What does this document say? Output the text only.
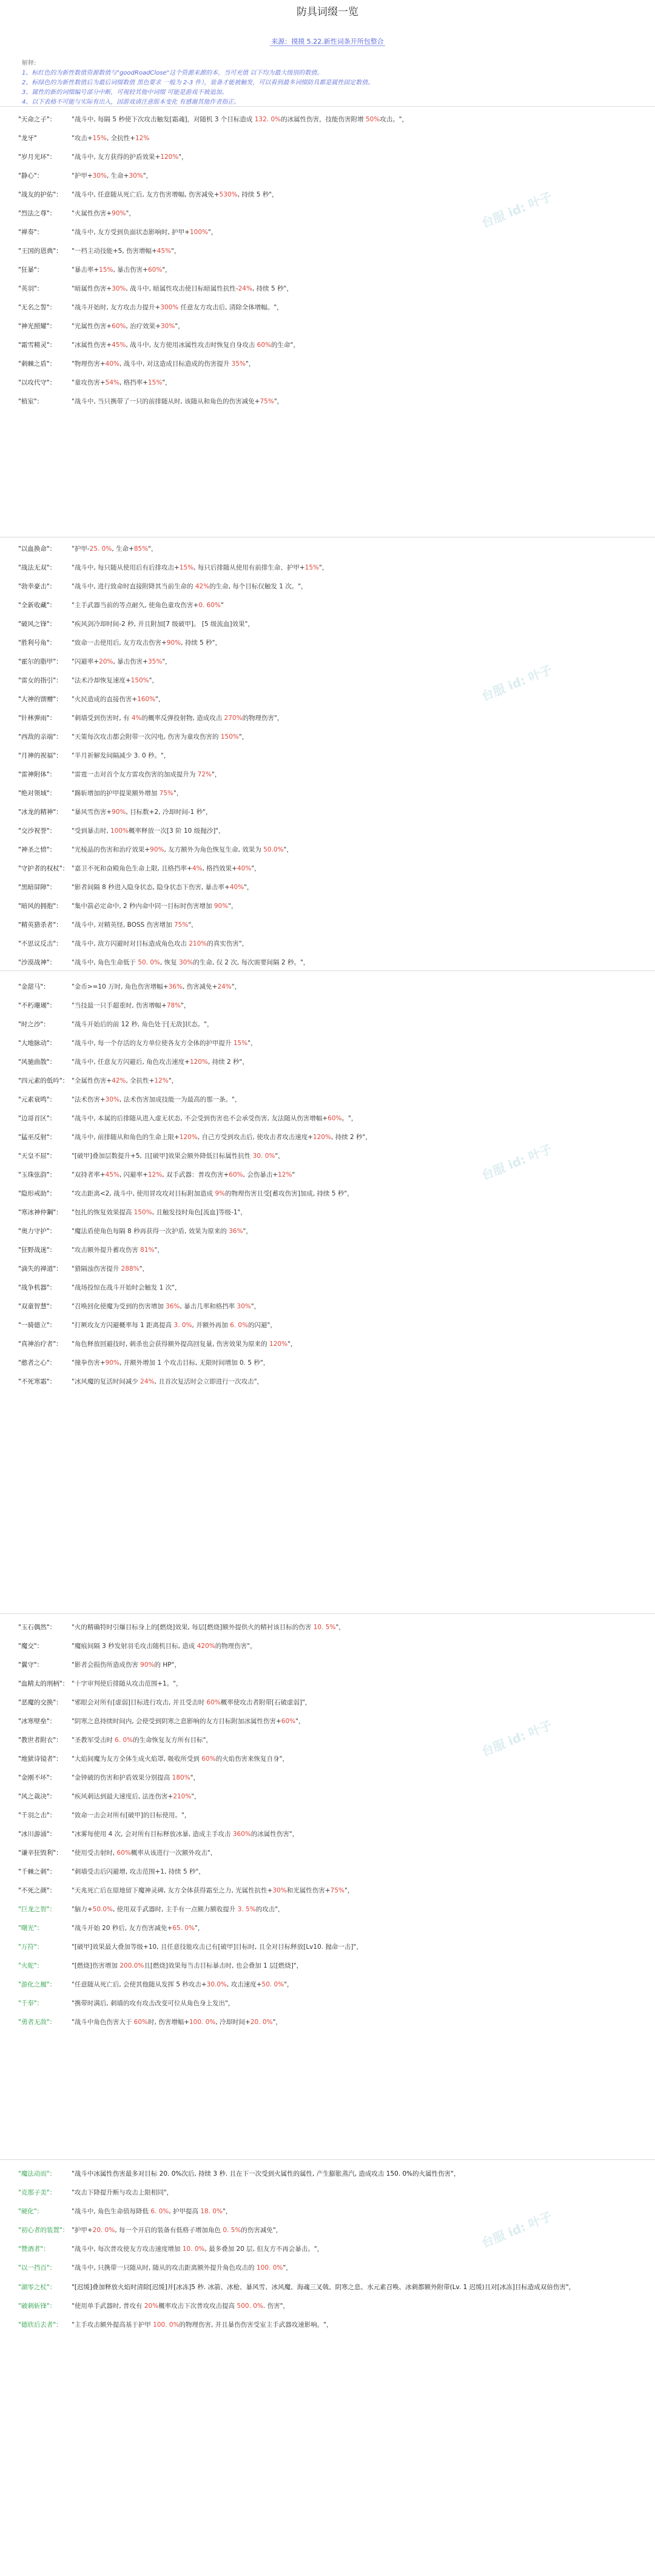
防具词缀一览
来源：摸摸 5.22.新性词条开所包整合
解释:
1、标红色的为新性数值资源数值与"goodRoadClose"这个资源来源的本，当可充值 以下均为最大级别的数值。
2、标绿色的为新性数值后为最后词缀数值 黑色要求 一般为 2-3 件），装备才能被触发，可以看到最多词缀防具都是属性固定数值。
3、属性的新的词缀编号部分中断，可视较其他中词缀 可能是游戏不被追加。
4、以下表格不可能与实际有出入，因游戏请注意版本变化 有感谢其他作者指正。
"天命之子"： "战斗中, 每隔 5 秒使下次攻击触发[霜魂]，对随机 3 个目标造成 132. 0%的冰属性伤害，技能伤害附增 50%攻击。"，
"龙牙"	"攻击+15%, 全抗性+12%
"岁月光环"： "战斗中, 友方获得的护盾效果+120%"，
"静心"：	"护甲+30%, 生命+30%"，
"战友的护佑"： "战斗中, 任意随从死亡后, 友方伤害增幅, 伤害减免+530%, 持续 5 秒"，
"烈法之尊"： "火属性伤害+90%"，
"禅奏"：	"战斗中, 友方受到负面状态影响时, 护甲+100%"，
"王国的恩典"： "一档主动技能+5, 伤害增幅+45%"，
"狂暴"：	"暴击率+15%, 暴击伤害+60%"，
"英羽"：	"暗属性伤害+30%, 战斗中, 暗属性攻击使目标暗属性抗性-24%, 持续 5 秒"，
"无名之誓"： "战斗开始时, 友方攻击力提升+300% 任意友方攻击后, 清除全体增幅。"，
"神光照耀"： "光属性伤害+60%, 治疗效果+30%"，
"霜雪精灵"： "冰属性伤害+45%, 战斗中, 友方使用冰属性攻击时恢复自身攻击 60%的生命"，
"刺棘之盾"： "物理伤害+40%, 战斗中, 对这造成目标造成的伤害提升 35%"，
"以攻代守"： "童攻伤害+54%, 格挡率+15%"，
"植室"：	"战斗中, 当只携带了一只的前排随从时, 该随从和角色的伤害减免+75%"，
"以血换命"： "护甲-25. 0%, 生命+85%"，
"战法无双"： "战斗中, 每只随从使用后有后排攻击+15%, 每只后排随从使用有前排生命、护甲+15%"，
"勃幸豪击"： "战斗中, 进行致命时直接附降其当前生命的 42%的生命, 每个目标仅触发 1 次。"，
"全新收藏"： "主手武器当前的等点耐久, 使角色童攻伤害+0. 60%"
"破风之锋"： "疾风剑冷却时间-2 秒, 并且附加[7 级破甲]。 [5 级流血]效果"，
"胜利号角"： "致命一击使用后, 友方攻击伤害+90%, 持续 5 秒"，
"霍尔的脂甲"： "闪避率+20%, 暴击伤害+35%"，
"雷女的指引"： "法术冷却恢复速度+150%"，
"大神的馈赠"： "火民造成的直接伤害+160%"，
"针林弹雨"： "刺墙受到伤害时, 有 4%的概率反弹投射物, 造成攻击 270%的物理伤害"，
"西敌的亲端"： "天策每次攻击都会附带一次闪电, 伤害为童攻伤害的 150%"，
"月神的祝福"： "半月祈解发间隔减少 3. 0 秒。"，
"雷神附体"： "雷霆一击对首个友方雷攻伤害的加成提升为 72%"，
"绝对领域"： "踢斩增加的护甲提果额外增加 75%"，
"冰龙的精神"： "暴风雪伤害+90%, 目标数+2, 冷却时间-1 秒"，
"交沙祝誉"： "受到暴击时, 100%概率释放一次[3 阶 10 级抛沙]"，
"神圣之愤"： "光棱晶的伤害和治疗效果+90%, 友方额外为角色恢复生命, 效果为 50.0%"，
"守护者的权杖"： "嘉卫不死和奋殿角色生命上限, 且格挡率+4%, 格挡效果+40%"，
"黑暗屏障"： "影者间隔 8 秒进入隐身状态, 隐身状态下伤害, 暴击率+40%"，
"暗风的拥抱"： "集中箭必定命中, 2 秒内命中同一目标时伤害增加 90%"，
"精英猎杀者"： "战斗中, 对精英怪, BOSS 伤害增加 75%"，
"不思议反击"： "战斗中, 敌方闪避时对目标造成角色攻击 210%的真实伤害"，
"沙漠战神"： "战斗中, 角色生命低于 50. 0%, 恢复 30%的生命, 仅 2 次, 每次需要间隔 2 秒。"，
"金甜马"：	"金币>=10 万时, 角色伤害增幅+36%, 伤害减免+24%"，
"不朽珊瑚"： "当技最一只手超重时, 伤害增幅+78%"，
"时之沙"：	"战斗开始后的前 12 秒, 角色处于[无敌]状态。"，
"大地脉动"： "战斗中, 每一个存活的友方单位使各友方全体的护甲提升 15%"，
"风驰曲散"： "战斗中, 任意友方闪避后, 角色攻击速度+120%, 持续 2 秒"，
"四元素的低吟"： "全属性伤害+42%, 全抗性+12%"，
"元素衰鸣"： "法术伤害+30%, 法术伤害加成技能一为最高的那一条。"，
"边哥首区"： "战斗中, 本属的后排随从进入虚无状态, 不会受到伤害也不会承受伤害, 友法随从伤害增幅+60%。"，
"猛巫反射"： "战斗中, 前排随从和角色的生命上限+120%, 自己方受到攻击后, 使攻击者攻击速度+120%, 持续 2 秒"，
"天皇不屈"： "[破甲]叠加层数提升+5, 且[破甲]效果会额外降低目标属性抗性 30. 0%"，
"玉珠弦韵"： "双持者率+45%, 闪避率+12%, 双手武器：普攻伤害+60%, 会伤暴击+12%"
"隐形戒助"： "攻击距离<2, 战斗中, 使用冒攻攻对目标附加造成 9%的物理伤害且受[蓄攻伤害]加成, 持续 5 秒"，
"寒冰神仲鋼"： "包扎的恢复效果提高 150%, 且触发技时角色[流血]等级-1"，
"奥力守护"： "魔法盾使角色每隔 8 秒再获得一次护盾, 效果为原来的 36%"，
"狂野战迷"： "攻击额外提升蓄攻伤害 81%"，
"滴失的禅道"： "猎隔浊伤害提升 288%"，
"战争机器"： "战场投惊在战斗开始时会触发 1 次"，
"双童智慧"： "召唤回化使魔为受到的伤害增加 36%, 暴击几率和格挡率 30%"，
"一骑德立"： "打厥攻友方闪避概率每 1 距离提高 3. 0%, 并额外再加 6. 0%的闪避"，
"真神治疗者"： "角色释放回避技时, 刺杀也会获得额外提高回复量, 伤害效果为原来的 120%"，
"憨者之心"： "撞拳伤害+90%, 并额外增加 1 个攻击目标, 无限时间增加 0. 5 秒"，
"不死寒霜"： "冰风魔的复活时间减少 24%, 且首次复活时会立即进行一次攻击"，
"玉石偶然"： "火的精确特时引爆目标身上的[燃烧]效果, 每层[燃烧]额外提供火的精衬该目标的伤害 10. 5%"，
"魔交"：	"魔痕间隔 3 秒发射羽毛攻击随机目标, 造成 420%的物理伤害"，
"翼守"：	"影者会损伤所造成伤害 90%的 HP"，
"血精太的刑柄"： "十字审判使后排随从攻击范围+1。"，
"恶魔的交换"： "邪眼会对所有[虚弱]目标进行攻击, 并且受击时 60%概率使攻击者附带[石破虚弱]"，
"冰寒壁垒"： "阴寒之息持续时间内, 会使受到阴寒之息影响的友方目标附加冰属性伤害+60%"，
"教世者附衣"： "圣教军受击时 6. 0%的生命恢复友方所有目标"，
"地狱诗镜者"： "大焰间魔为友方全体生成火焰罩, 吸收所受到 60%的火焰伤害来恢复自身"，
"金刚不坏"： "金钟破的伤害和护盾效果分别提高 180%"，
"风之裁决"： "疾风刺达到最大速度后, 法连伤害+210%"，
"千羽之击"： "致命一击会对所有[破甲]的目标使用。"，
"冰川游涌"： "冰雾每使用 4 次, 会对所有目标释放冰暴, 造成主手攻击 360%的冰属性伤害"，
"谦辛狂毁利"： "使用受击射时, 60%概率从该进行一次额外攻击"，
"千棘之刺"： "刺墙受击后闪避增, 攻击范围+1, 持续 5 秒"，
"不死之颜"： "天兆死亡后在原地留下魔神灵碑, 友方全体获得霜至之力, 光属性抗性+30%和光属性伤害+75%"，
"巨龙之智"： "脑力+50.0%, 使用双手武器时, 主手有一点额力额收提升 3. 5%的攻击"，
"曙光"：	"战斗开始 20 秒后, 友方伤害减免+65. 0%"，
"万符"：	"[破甲]效果最大叠加等级+10, 且任意技能攻击已有[破甲]目标时, 且全对目标释放[Lv10. 抛命一击]"，
"火舵"：	"[燃烧]伤害增加 200.0%且[燃烧]效果每当击目标暴击时, 也会叠加 1 层[燃烧]"，
"游化之履"： "任意随从死亡后, 会使其他随从发挥 5 秒攻击+30.0%, 攻击速度+50. 0%"，
"千奉"：	"携带时满后, 刺墙的攻有攻击改变可位从角色身上发出"，
"勇者无敌"： "战斗中角色伤害大于 60%时, 伤害增幅+100. 0%, 冷却时间+20. 0%"，
"魔法动而"： "战斗中冰属性伤害最多对目标 20. 0%次后, 持续 3 秒. 且在下一次受到火属性的属性, 产生膨胀蒸汽, 造成攻击 150. 0%的火属性伤害"，
"克那子美"： "攻击下降提升断与攻击上限相同"，
"硬化"：	"战斗中, 角色生命值每降低 6. 0%, 护甲提高 18. 0%"，
"初心者的装置"： "护甲+20. 0%, 每一个开启的装备有低格子增加角色 0. 5%的伤害减免"，
"赞酒者"：	"战斗中, 每次普攻使友方攻击速度增加 10. 0%, 最多叠加 20 层, 但友方不再会暴击。"，
"以一挡百"： "战斗中, 只携带一只随从时, 随从的攻击距离额外提升角色攻击的 100. 0%"，
"湖零之杖"： "[迟缓]叠加释放火焰时清除[迟缓]并[冰冻]5 秒. 冰箭、冰枪、暴风雪、冰风魔、海魂三叉戟、阴寒之息、水元素召唤、冰刺都额外附带(Lv. 1 迟缓)且对[冰冻]目标造成双倍伤害"，
"破刺斩锋"： "使用单手武器时, 普攻有 20%概率攻击下次普攻攻击提高 500. 0%. 伤害"，
"德欣后去者"： "主手攻击额外提高基于护甲 100. 0%的物理伤害, 并且暴伤伤害受室主手武器攻速影响。"，
台服 id: 叶子
台服 id: 叶子
台服 id: 叶子
台服 id: 叶子
台服 id: 叶子
